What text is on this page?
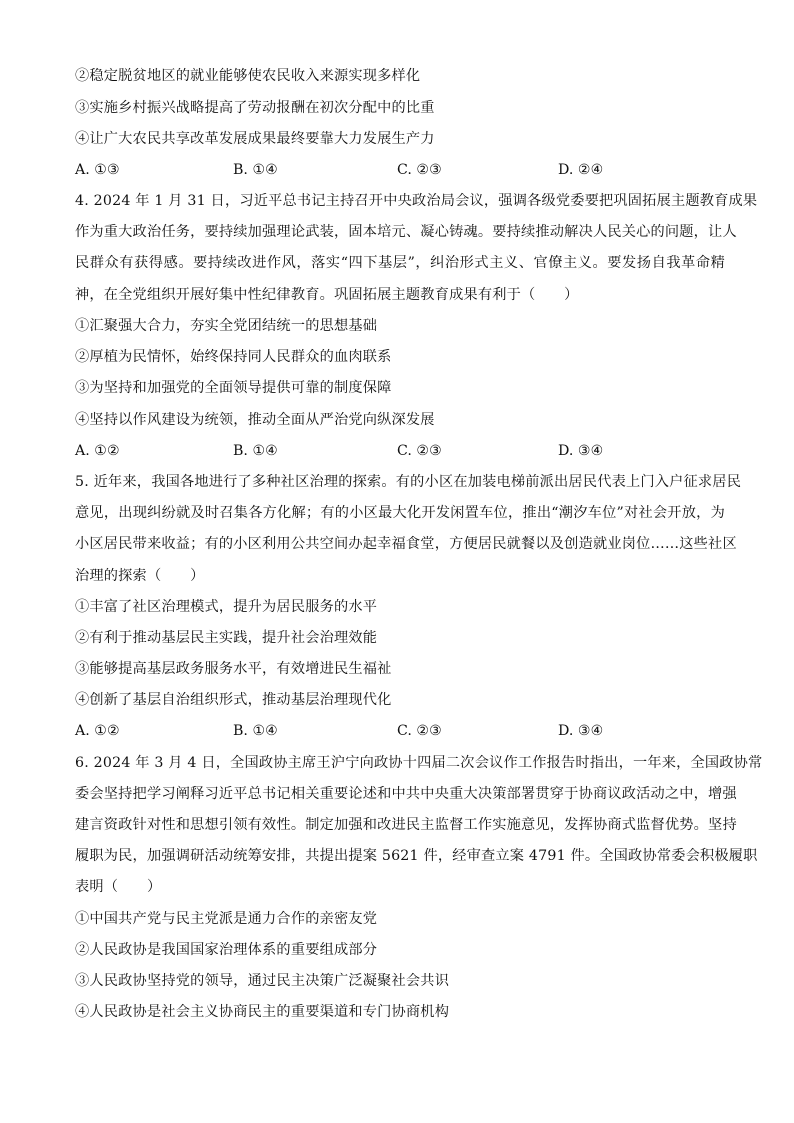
②稳定脱贫地区的就业能够使农民收入来源实现多样化
③实施乡村振兴战略提高了劳动报酬在初次分配中的比重
④让广大农民共享改革发展成果最终要靠大力发展生产力
A. ①③	B. ①④	C. ②③	D. ②④
4. 2024 年 1 月 31 日，习近平总书记主持召开中央政治局会议，强调各级党委要把巩固拓展主题教育成果
作为重大政治任务，要持续加强理论武装，固本培元、凝心铸魂。要持续推动解决人民关心的问题，让人
民群众有获得感。要持续改进作风，落实“四下基层”，纠治形式主义、官僚主义。要发扬自我革命精
神，在全党组织开展好集中性纪律教育。巩固拓展主题教育成果有利于（　　）
①汇聚强大合力，夯实全党团结统一的思想基础
②厚植为民情怀，始终保持同人民群众的血肉联系
③为坚持和加强党的全面领导提供可靠的制度保障
④坚持以作风建设为统领，推动全面从严治党向纵深发展
A. ①②	B. ①④	C. ②③	D. ③④
5. 近年来，我国各地进行了多种社区治理的探索。有的小区在加装电梯前派出居民代表上门入户征求居民
意见，出现纠纷就及时召集各方化解；有的小区最大化开发闲置车位，推出“潮汐车位”对社会开放，为
小区居民带来收益；有的小区利用公共空间办起幸福食堂，方便居民就餐以及创造就业岗位……这些社区
治理的探索（　　）
①丰富了社区治理模式，提升为居民服务的水平
②有利于推动基层民主实践，提升社会治理效能
③能够提高基层政务服务水平，有效增进民生福祉
④创新了基层自治组织形式，推动基层治理现代化
A. ①②	B. ①④	C. ②③	D. ③④
6. 2024 年 3 月 4 日，全国政协主席王沪宁向政协十四届二次会议作工作报告时指出，一年来，全国政协常
委会坚持把学习阐释习近平总书记相关重要论述和中共中央重大决策部署贯穿于协商议政活动之中，增强
建言资政针对性和思想引领有效性。制定加强和改进民主监督工作实施意见，发挥协商式监督优势。坚持
履职为民，加强调研活动统筹安排，共提出提案 5621 件，经审查立案 4791 件。全国政协常委会积极履职
表明（　　）
①中国共产党与民主党派是通力合作的亲密友党
②人民政协是我国国家治理体系的重要组成部分
③人民政协坚持党的领导，通过民主决策广泛凝聚社会共识
④人民政协是社会主义协商民主的重要渠道和专门协商机构
